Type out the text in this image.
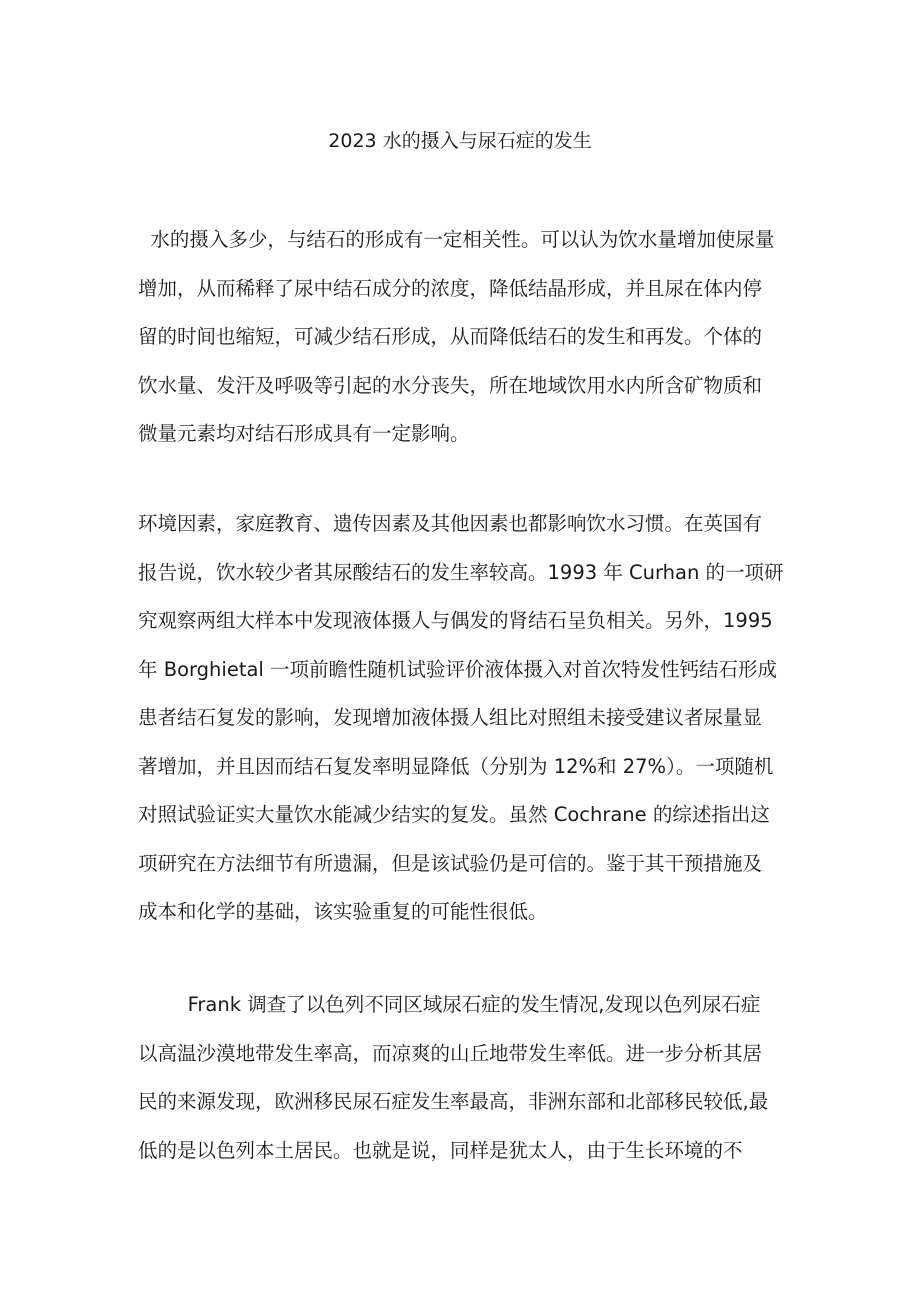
2023 水的摄入与尿石症的发生

水的摄入多少，与结石的形成有一定相关性。可以认为饮水量增加使尿量
增加，从而稀释了尿中结石成分的浓度，降低结晶形成，并且尿在体内停
留的时间也缩短，可减少结石形成，从而降低结石的发生和再发。个体的
饮水量、发汗及呼吸等引起的水分丧失，所在地域饮用水内所含矿物质和
微量元素均对结石形成具有一定影响。

环境因素，家庭教育、遗传因素及其他因素也都影响饮水习惯。在英国有
报告说，饮水较少者其尿酸结石的发生率较高。1993 年 Curhan 的一项研
究观察两组大样本中发现液体摄人与偶发的肾结石呈负相关。另外，1995
年 Borghietal 一项前瞻性随机试验评价液体摄入对首次特发性钙结石形成
患者结石复发的影响，发现增加液体摄人组比对照组未接受建议者尿量显
著增加，并且因而结石复发率明显降低（分别为 12%和 27%）。一项随机
对照试验证实大量饮水能减少结实的复发。虽然 Cochrane 的综述指出这
项研究在方法细节有所遗漏，但是该试验仍是可信的。鉴于其干预措施及
成本和化学的基础，该实验重复的可能性很低。

Frank 调查了以色列不同区域尿石症的发生情况,发现以色列尿石症
以高温沙漠地带发生率高，而凉爽的山丘地带发生率低。进一步分析其居
民的来源发现，欧洲移民尿石症发生率最高，非洲东部和北部移民较低,最
低的是以色列本土居民。也就是说，同样是犹太人，由于生长环境的不
